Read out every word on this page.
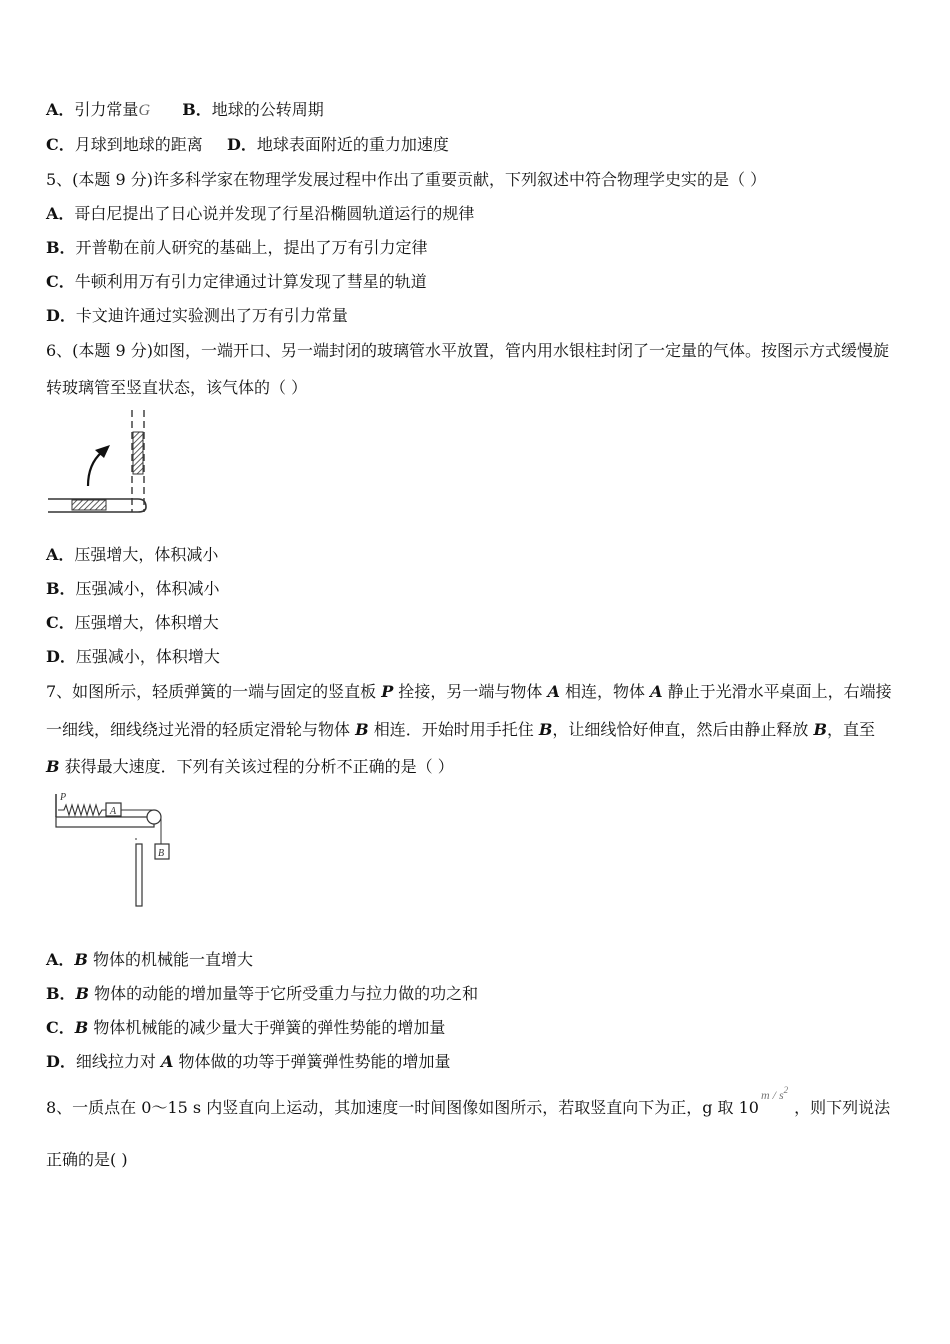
A．引力常量G B．地球的公转周期
C．月球到地球的距离 D．地球表面附近的重力加速度
5、(本题 9 分)许多科学家在物理学发展过程中作出了重要贡献，下列叙述中符合物理学史实的是（ ）
A．哥白尼提出了日心说并发现了行星沿椭圆轨道运行的规律
B．开普勒在前人研究的基础上，提出了万有引力定律
C．牛顿利用万有引力定律通过计算发现了彗星的轨道
D．卡文迪许通过实验测出了万有引力常量
6、(本题 9 分)如图，一端开口、另一端封闭的玻璃管水平放置，管内用水银柱封闭了一定量的气体。按图示方式缓慢旋
转玻璃管至竖直状态，该气体的（ ）
A．压强增大，体积减小
B．压强减小，体积减小
C．压强增大，体积增大
D．压强减小，体积增大
7、如图所示，轻质弹簧的一端与固定的竖直板 P 拴接，另一端与物体 A 相连，物体 A 静止于光滑水平桌面上，右端接
一细线，细线绕过光滑的轻质定滑轮与物体 B 相连．开始时用手托住 B，让细线恰好伸直，然后由静止释放 B，直至
B 获得最大速度．下列有关该过程的分析不正确的是（ ）
P
A
B
A．B 物体的机械能一直增大
B．B 物体的动能的增加量等于它所受重力与拉力做的功之和
C．B 物体机械能的减少量大于弹簧的弹性势能的增加量
D．细线拉力对 A 物体做的功等于弹簧弹性势能的增加量
8、一质点在 0～15 s 内竖直向上运动，其加速度一时间图像如图所示，若取竖直向下为正，g 取 $10^{m / s^2}$，则下列说法
正确的是( )
